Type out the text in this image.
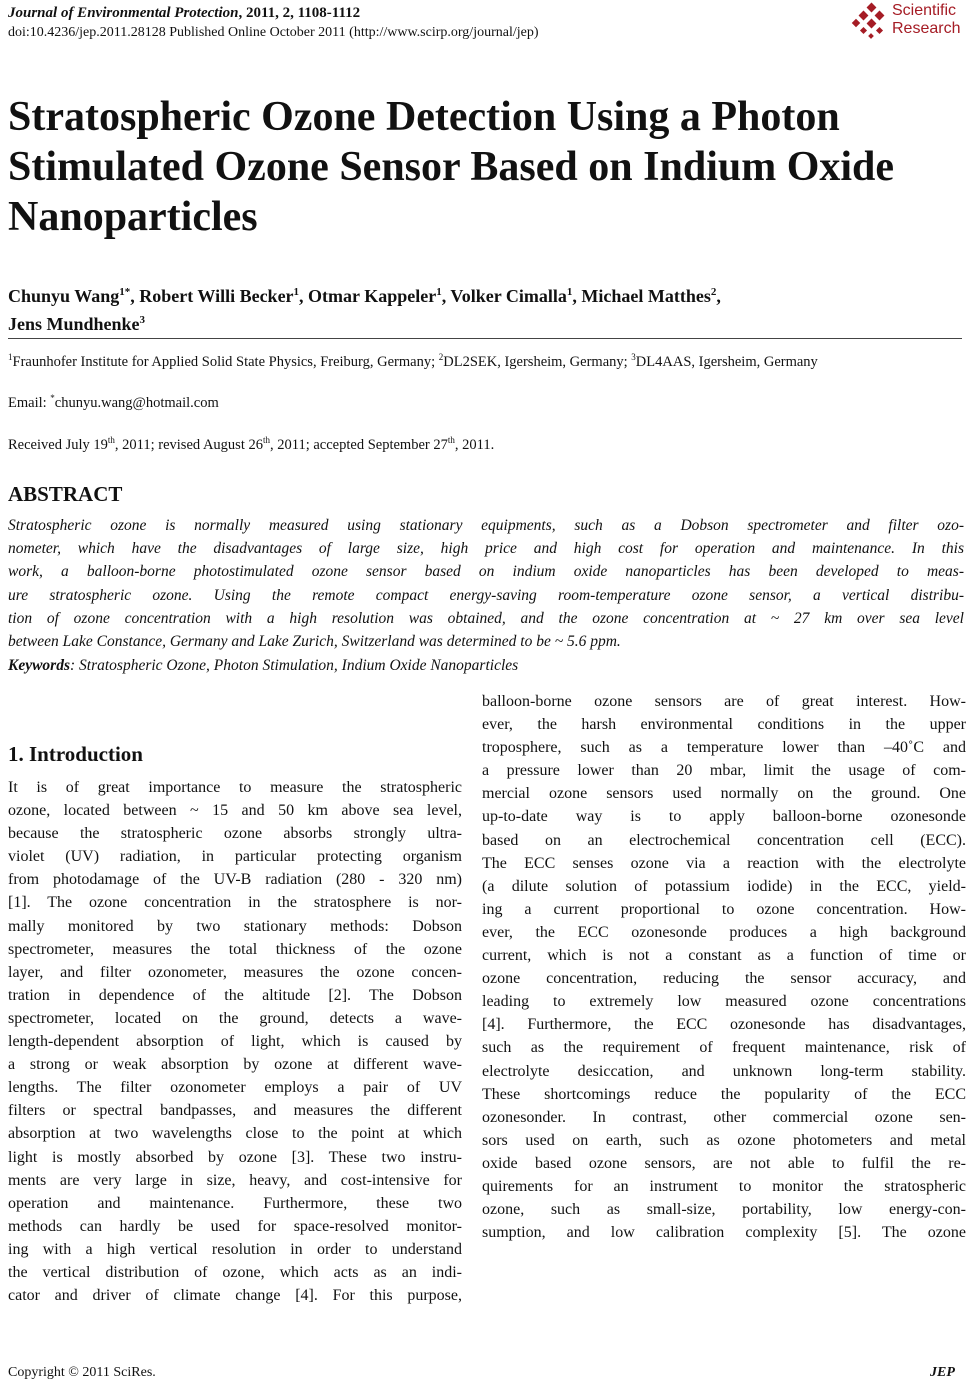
Journal of Environmental Protection, 2011, 2, 1108-1112
doi:10.4236/jep.2011.28128 Published Online October 2011 (http://www.scirp.org/journal/jep)
Scientific
Research
Stratospheric Ozone Detection Using a Photon Stimulated Ozone Sensor Based on Indium Oxide Nanoparticles
Chunyu Wang$^{1*}$, Robert Willi Becker$^1$, Otmar Kappeler$^1$, Volker Cimalla$^1$, Michael Matthes$^2$,
Jens Mundhenke$^3$
$^1$Fraunhofer Institute for Applied Solid State Physics, Freiburg, Germany; $^2$DL2SEK, Igersheim, Germany; $^3$DL4AAS, Igersheim, Germany
Email: *chunyu.wang@hotmail.com
Received July 19th, 2011; revised August 26th, 2011; accepted September 27th, 2011.
ABSTRACT
Stratospheric ozone is normally measured using stationary equipments, such as a Dobson spectrometer and filter ozo-
nometer, which have the disadvantages of large size, high price and high cost for operation and maintenance. In this
work, a balloon-borne photostimulated ozone sensor based on indium oxide nanoparticles has been developed to meas-
ure stratospheric ozone. Using the remote compact energy-saving room-temperature ozone sensor, a vertical distribu-
tion of ozone concentration with a high resolution was obtained, and the ozone concentration at ~ 27 km over sea level
between Lake Constance, Germany and Lake Zurich, Switzerland was determined to be ~ 5.6 ppm.
Keywords: Stratospheric Ozone, Photon Stimulation, Indium Oxide Nanoparticles
1. Introduction
It is of great importance to measure the stratospheric
ozone, located between ~ 15 and 50 km above sea level,
because the stratospheric ozone absorbs strongly ultra-
violet (UV) radiation, in particular protecting organism
from photodamage of the UV-B radiation (280 - 320 nm)
[1]. The ozone concentration in the stratosphere is nor-
mally monitored by two stationary methods: Dobson
spectrometer, measures the total thickness of the ozone
layer, and filter ozonometer, measures the ozone concen-
tration in dependence of the altitude [2]. The Dobson
spectrometer, located on the ground, detects a wave-
length-dependent absorption of light, which is caused by
a strong or weak absorption by ozone at different wave-
lengths. The filter ozonometer employs a pair of UV
filters or spectral bandpasses, and measures the different
absorption at two wavelengths close to the point at which
light is mostly absorbed by ozone [3]. These two instru-
ments are very large in size, heavy, and cost-intensive for
operation and maintenance. Furthermore, these two
methods can hardly be used for space-resolved monitor-
ing with a high vertical resolution in order to understand
the vertical distribution of ozone, which acts as an indi-
cator and driver of climate change [4]. For this purpose,
balloon-borne ozone sensors are of great interest. How-
ever, the harsh environmental conditions in the upper
troposphere, such as a temperature lower than –40˚C and
a pressure lower than 20 mbar, limit the usage of com-
mercial ozone sensors used normally on the ground. One
up-to-date way is to apply balloon-borne ozonesonde
based on an electrochemical concentration cell (ECC).
The ECC senses ozone via a reaction with the electrolyte
(a dilute solution of potassium iodide) in the ECC, yield-
ing a current proportional to ozone concentration. How-
ever, the ECC ozonesonde produces a high background
current, which is not a constant as a function of time or
ozone concentration, reducing the sensor accuracy, and
leading to extremely low measured ozone concentrations
[4]. Furthermore, the ECC ozonesonde has disadvantages,
such as the requirement of frequent maintenance, risk of
electrolyte desiccation, and unknown long-term stability.
These shortcomings reduce the popularity of the ECC
ozonesonder. In contrast, other commercial ozone sen-
sors used on earth, such as ozone photometers and metal
oxide based ozone sensors, are not able to fulfil the re-
quirements for an instrument to monitor the stratospheric
ozone, such as small-size, portability, low energy-con-
sumption, and low calibration complexity [5]. The ozone
Copyright © 2011 SciRes.	JEP
